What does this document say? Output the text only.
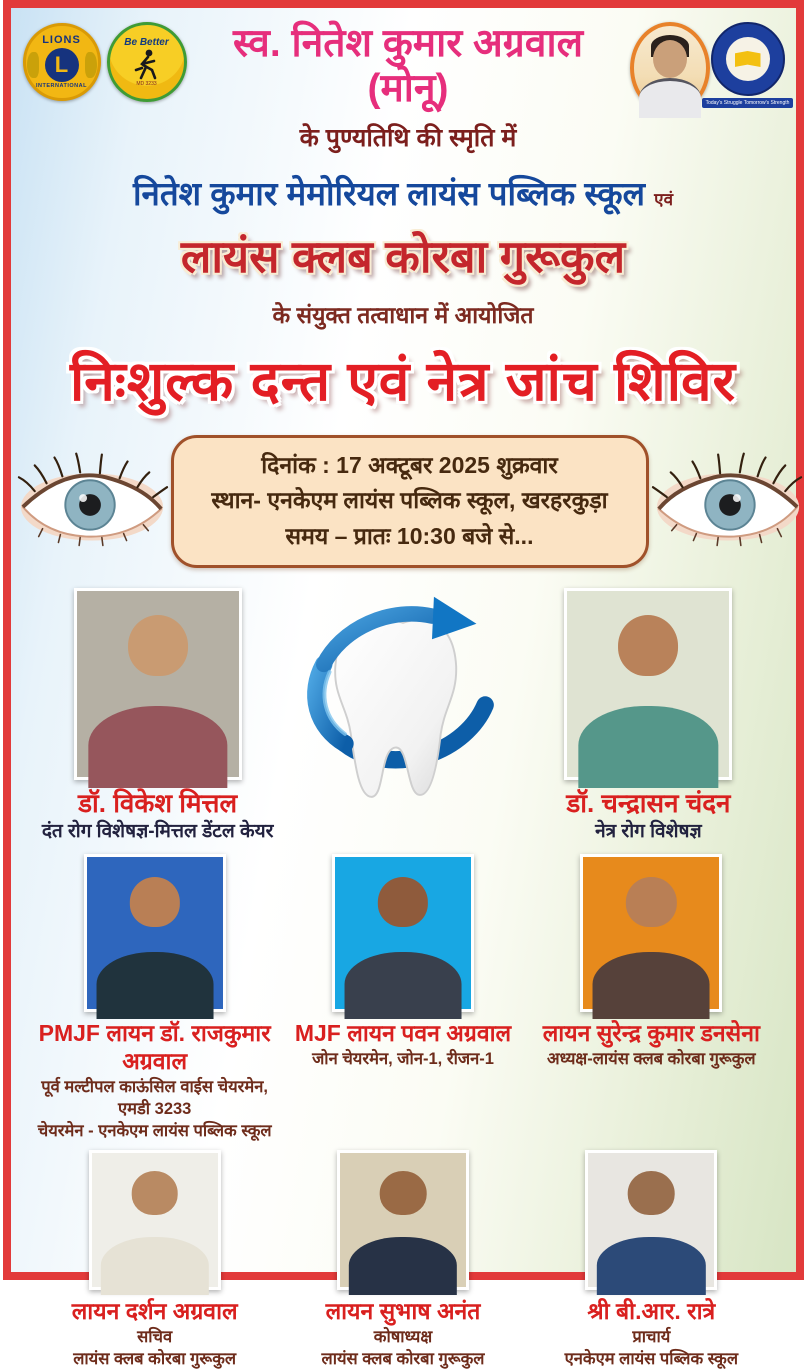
LIONS
L
INTERNATIONAL
Be Better
MD 3233
स्व. नितेश कुमार अग्रवाल (मोनू)
के पुण्यतिथि की स्मृति में
Today's Struggle Tomorrow's Strength
नितेश कुमार मेमोरियल लायंस पब्लिक स्कूल एवं
लायंस क्लब कोरबा गुरूकुल
के संयुक्त तत्वाधान में आयोजित
निःशुल्क दन्त एवं नेत्र जांच शिविर
दिनांक : 17 अक्टूबर 2025 शुक्रवार
स्थान- एनकेएम लायंस पब्लिक स्कूल, खरहरकुड़ा
समय – प्रातः 10:30 बजे से...
डॉ. विकेश मित्तल
दंत रोग विशेषज्ञ-मित्तल डेंटल केयर
डॉ. चन्द्रासन चंदन
नेत्र रोग विशेषज्ञ
PMJF लायन डॉ. राजकुमार अग्रवाल
पूर्व मल्टीपल काऊंसिल वाईस चेयरमेन, एमडी 3233
चेयरमेन - एनकेएम लायंस पब्लिक स्कूल
MJF लायन पवन अग्रवाल
जोन चेयरमेन, जोन-1, रीजन-1
लायन सुरेन्द्र कुमार डनसेना
अध्यक्ष-लायंस क्लब कोरबा गुरूकुल
लायन दर्शन अग्रवाल
सचिव
लायंस क्लब कोरबा गुरूकुल
लायन सुभाष अनंत
कोषाध्यक्ष
लायंस क्लब कोरबा गुरूकुल
श्री बी.आर. रात्रे
प्राचार्य
एनकेएम लायंस पब्लिक स्कूल
